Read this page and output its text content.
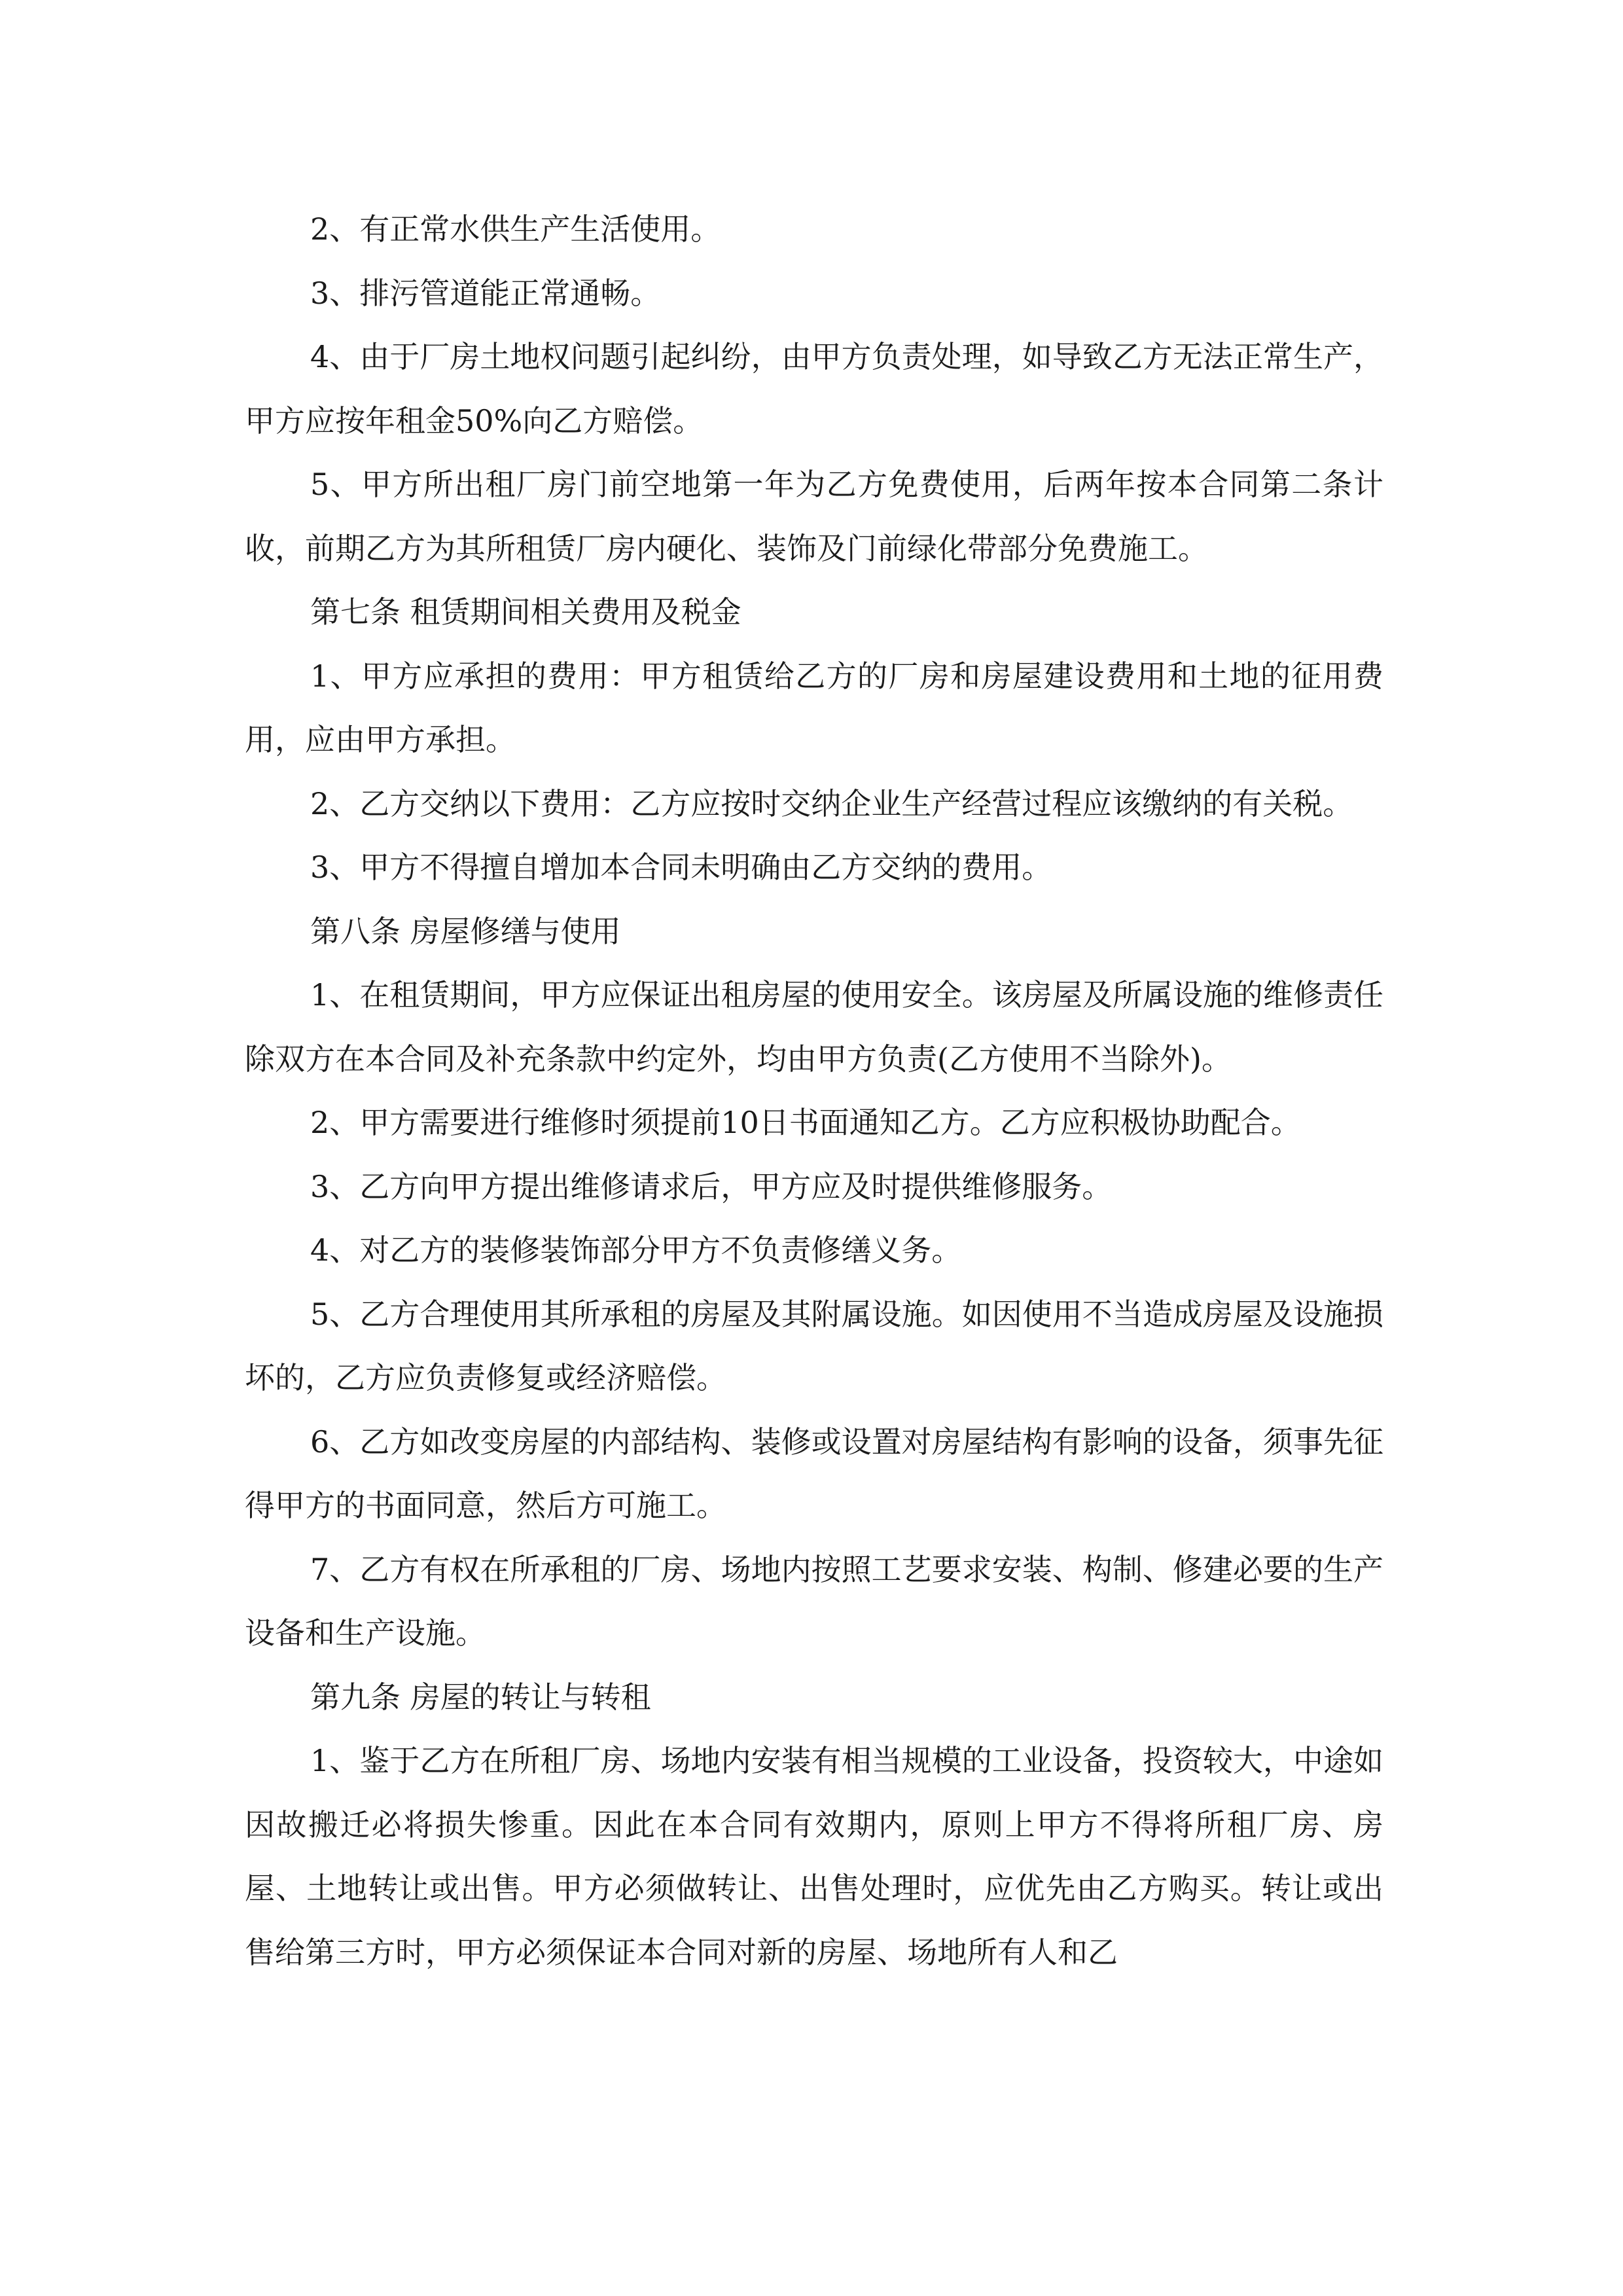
2、有正常水供生产生活使用。

3、排污管道能正常通畅。

4、由于厂房土地权问题引起纠纷，由甲方负责处理，如导致乙方无法正常生产，甲方应按年租金50%向乙方赔偿。

5、甲方所出租厂房门前空地第一年为乙方免费使用，后两年按本合同第二条计收，前期乙方为其所租赁厂房内硬化、装饰及门前绿化带部分免费施工。

第七条 租赁期间相关费用及税金

1、甲方应承担的费用：甲方租赁给乙方的厂房和房屋建设费用和土地的征用费用，应由甲方承担。

2、乙方交纳以下费用：乙方应按时交纳企业生产经营过程应该缴纳的有关税。

3、甲方不得擅自增加本合同未明确由乙方交纳的费用。

第八条 房屋修缮与使用

1、在租赁期间，甲方应保证出租房屋的使用安全。该房屋及所属设施的维修责任除双方在本合同及补充条款中约定外，均由甲方负责(乙方使用不当除外)。

2、甲方需要进行维修时须提前10日书面通知乙方。乙方应积极协助配合。

3、乙方向甲方提出维修请求后，甲方应及时提供维修服务。

4、对乙方的装修装饰部分甲方不负责修缮义务。

5、乙方合理使用其所承租的房屋及其附属设施。如因使用不当造成房屋及设施损坏的，乙方应负责修复或经济赔偿。

6、乙方如改变房屋的内部结构、装修或设置对房屋结构有影响的设备，须事先征得甲方的书面同意，然后方可施工。

7、乙方有权在所承租的厂房、场地内按照工艺要求安装、构制、修建必要的生产设备和生产设施。

第九条 房屋的转让与转租

1、鉴于乙方在所租厂房、场地内安装有相当规模的工业设备，投资较大，中途如因故搬迁必将损失惨重。因此在本合同有效期内，原则上甲方不得将所租厂房、房屋、土地转让或出售。甲方必须做转让、出售处理时，应优先由乙方购买。转让或出售给第三方时，甲方必须保证本合同对新的房屋、场地所有人和乙
